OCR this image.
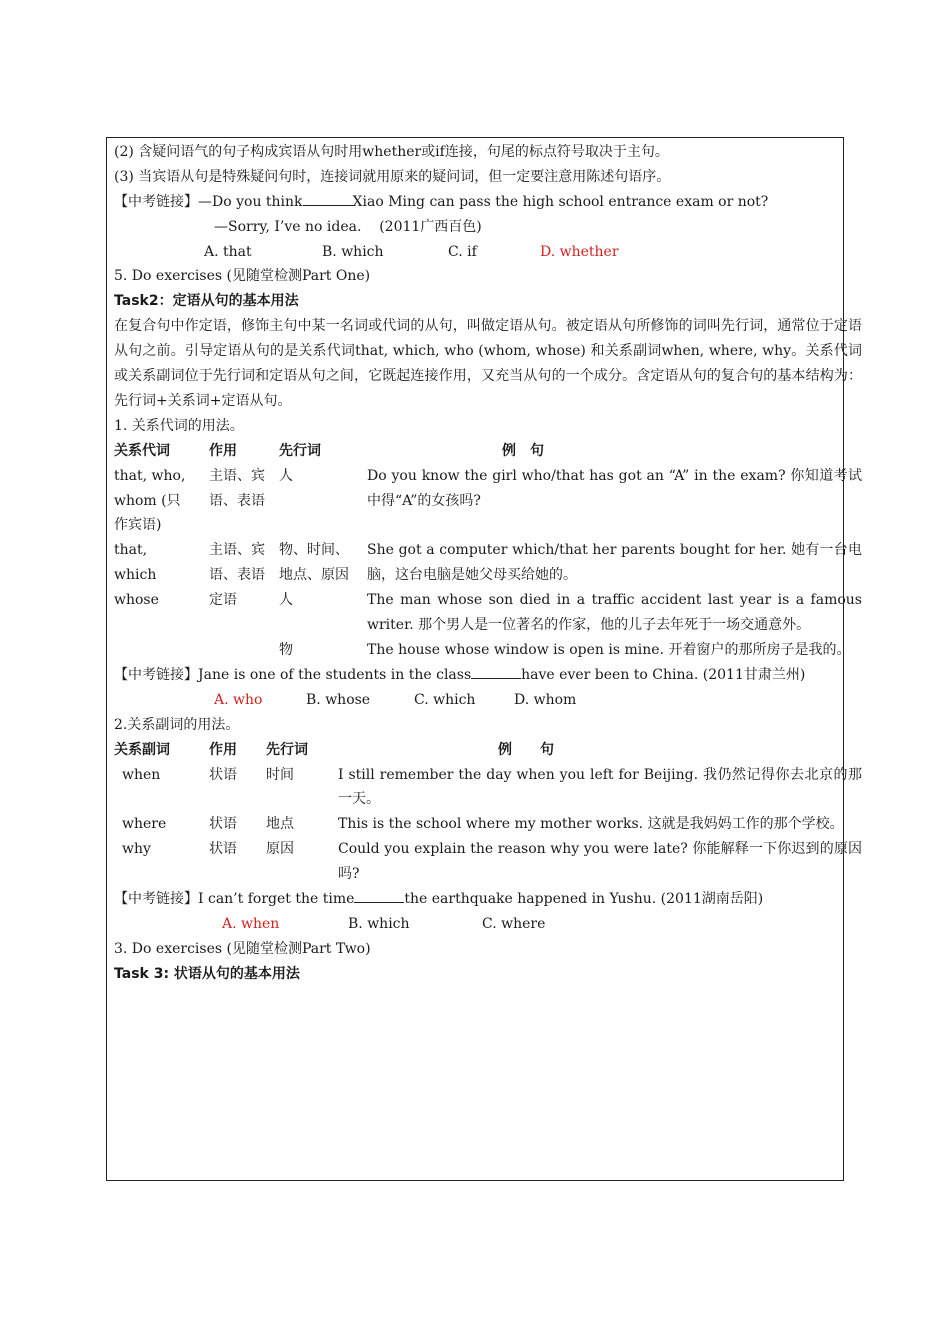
(2) 含疑问语气的句子构成宾语从句时用whether或if连接，句尾的标点符号取决于主句。
(3) 当宾语从句是特殊疑问句时，连接词就用原来的疑问词，但一定要注意用陈述句语序。
【中考链接】—Do you think	Xiao Ming can pass the high school entrance exam or not?
—Sorry, I’ve no idea. (2011广西百色)
A. that	B. which	C. if	D. whether
5. Do exercises (见随堂检测Part One)
Task2：定语从句的基本用法
在复合句中作定语，修饰主句中某一名词或代词的从句，叫做定语从句。被定语从句所修饰的词叫先行词，通常位于定语从句之前。引导定语从句的是关系代词that, which, who (whom, whose) 和关系副词when, where, why。关系代词或关系副词位于先行词和定语从句之间，它既起连接作用，又充当从句的一个成分。含定语从句的复合句的基本结构为：先行词+关系词+定语从句。
1. 关系代词的用法。
关系代词	作用	先行词	例　句
that, who, whom (只作宾语)	主语、宾语、表语	人	Do you know the girl who/that has got an “A” in the exam? 你知道考试中得“A”的女孩吗?
that, which	主语、宾语、表语	物、时间、地点、原因	She got a computer which/that her parents bought for her. 她有一台电脑，这台电脑是她父母买给她的。
whose	定语	人	The man whose son died in a traffic accident last year is a famous writer. 那个男人是一位著名的作家，他的儿子去年死于一场交通意外。
		物	The house whose window is open is mine. 开着窗户的那所房子是我的。
【中考链接】Jane is one of the students in the class	have ever been to China. (2011甘肃兰州)
A. who	B. whose	C. which	D. whom
2.关系副词的用法。
关系副词	作用	先行词	例　　句
when	状语	时间	I still remember the day when you left for Beijing. 我仍然记得你去北京的那一天。
where	状语	地点	This is the school where my mother works. 这就是我妈妈工作的那个学校。
why	状语	原因	Could you explain the reason why you were late? 你能解释一下你迟到的原因吗?
【中考链接】I can’t forget the time	the earthquake happened in Yushu. (2011湖南岳阳)
A. when	B. which	C. where
3. Do exercises (见随堂检测Part Two)
Task 3: 状语从句的基本用法
